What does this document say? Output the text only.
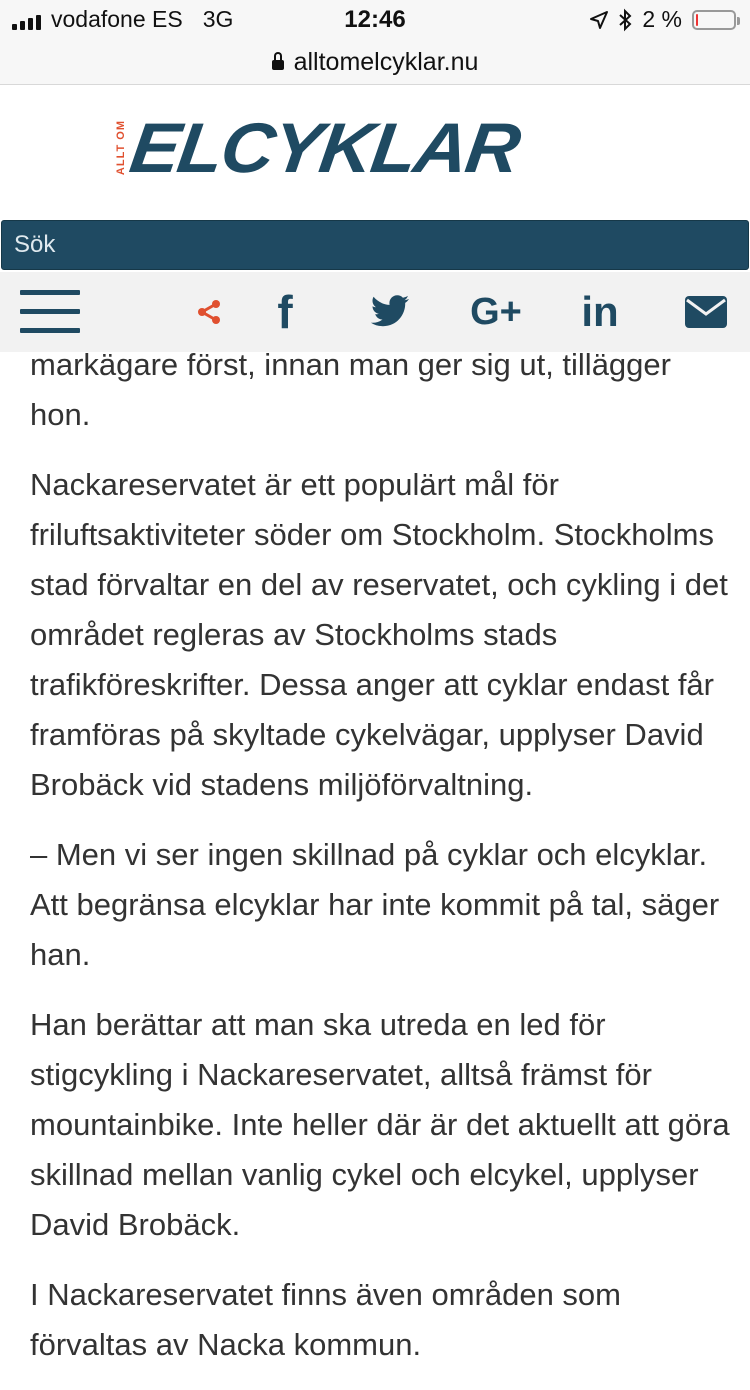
vodafone ES 3G	12:46	2 %
alltomelcyklar.nu
ALLT OM
ELCYKLAR
Sök
f	G+ in

markägare först, innan man ger sig ut, tillägger hon.

Nackareservatet är ett populärt mål för friluftsaktiviteter söder om Stockholm. Stockholms stad förvaltar en del av reservatet, och cykling i det området regleras av Stockholms stads trafikföreskrifter. Dessa anger att cyklar endast får framföras på skyltade cykelvägar, upplyser David Brobäck vid stadens miljöförvaltning.

– Men vi ser ingen skillnad på cyklar och elcyklar. Att begränsa elcyklar har inte kommit på tal, säger han.

Han berättar att man ska utreda en led för stigcykling i Nackareservatet, alltså främst för mountainbike. Inte heller där är det aktuellt att göra skillnad mellan vanlig cykel och elcykel, upplyser David Brobäck.

I Nackareservatet finns även områden som förvaltas av Nacka kommun.
